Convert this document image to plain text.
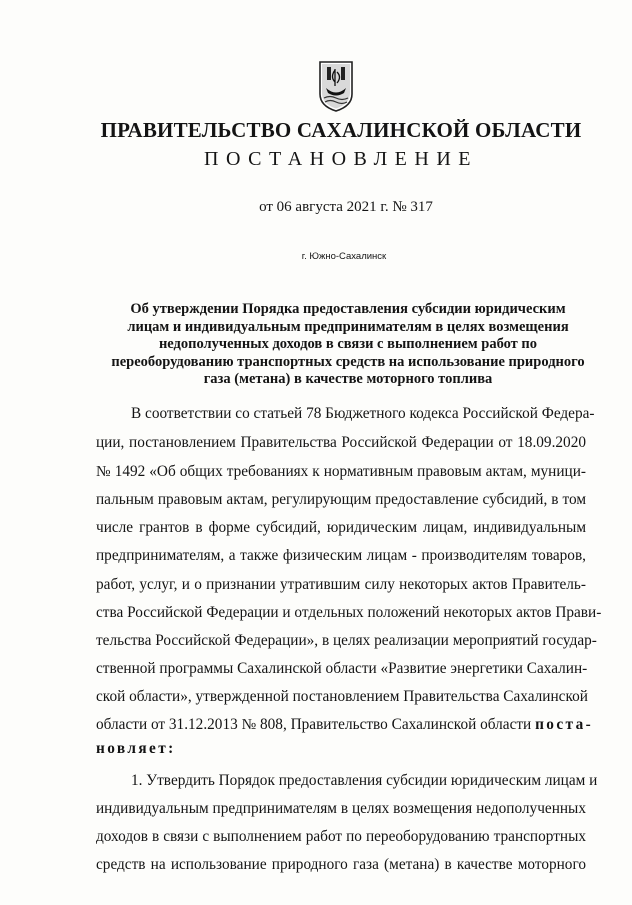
ПРАВИТЕЛЬСТВО САХАЛИНСКОЙ ОБЛАСТИ
ПОСТАНОВЛЕНИЕ
от 06 августа 2021 г. № 317
г. Южно-Сахалинск
Об утверждении Порядка предоставления субсидии юридическим лицам и индивидуальным предпринимателям в целях возмещения недополученных доходов в связи с выполнением работ по переоборудованию транспортных средств на использование природного газа (метана) в качестве моторного топлива
В соответствии со статьей 78 Бюджетного кодекса Российской Федера-
ции, постановлением Правительства Российской Федерации от 18.09.2020
№ 1492 «Об общих требованиях к нормативным правовым актам, муници-
пальным правовым актам, регулирующим предоставление субсидий, в том
числе грантов в форме субсидий, юридическим лицам, индивидуальным
предпринимателям, а также физическим лицам - производителям товаров,
работ, услуг, и о признании утратившим силу некоторых актов Правитель-
ства Российской Федерации и отдельных положений некоторых актов Прави-
тельства Российской Федерации», в целях реализации мероприятий государ-
ственной программы Сахалинской области «Развитие энергетики Сахалин-
ской области», утвержденной постановлением Правительства Сахалинской
области от 31.12.2013 № 808, Правительство Сахалинской области поста-
новляет:
1. Утвердить Порядок предоставления субсидии юридическим лицам и
индивидуальным предпринимателям в целях возмещения недополученных
доходов в связи с выполнением работ по переоборудованию транспортных
средств на использование природного газа (метана) в качестве моторного
